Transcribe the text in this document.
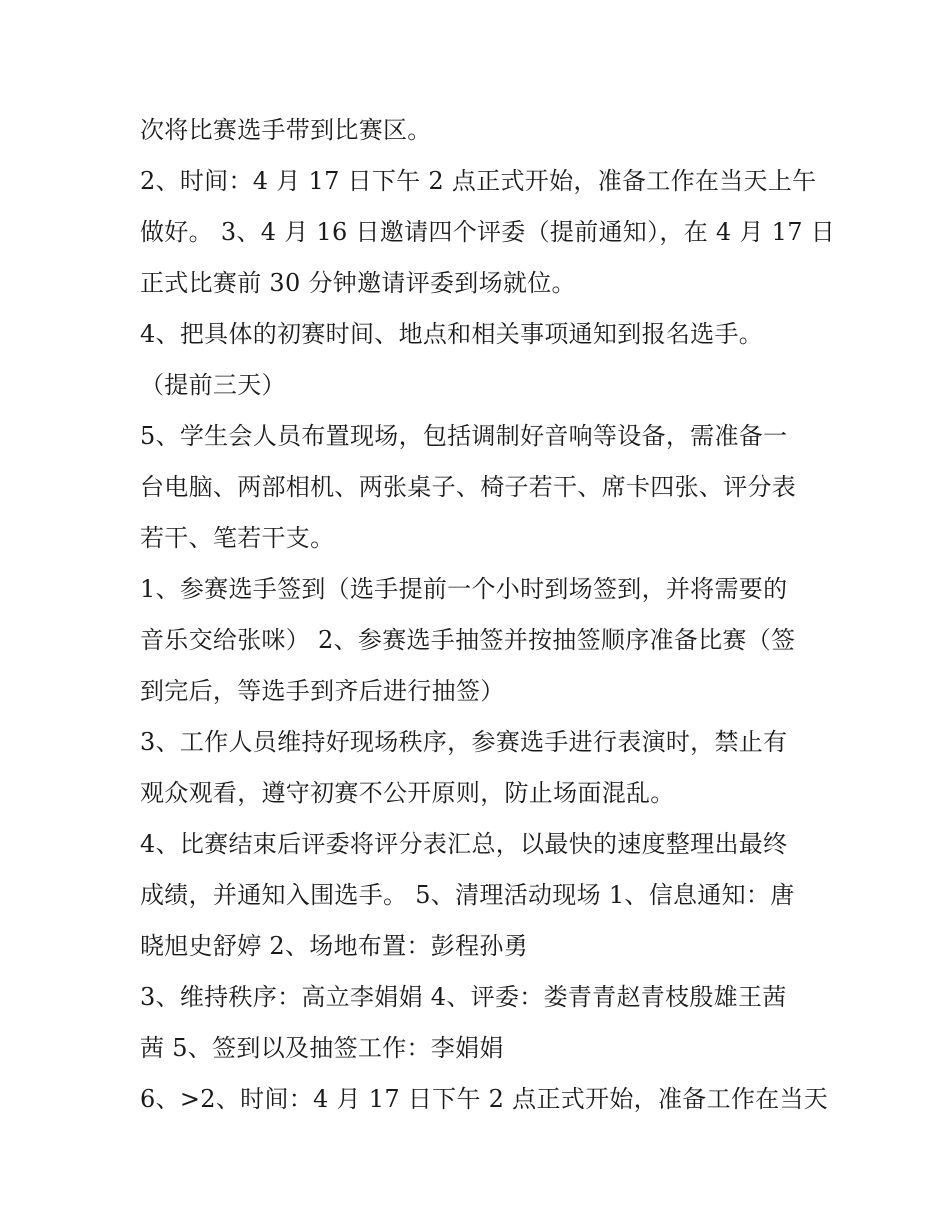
次将比赛选手带到比赛区。
2、时间：4 月 17 日下午 2 点正式开始，准备工作在当天上午
做好。 3、4 月 16 日邀请四个评委（提前通知），在 4 月 17 日
正式比赛前 30 分钟邀请评委到场就位。
4、把具体的初赛时间、地点和相关事项通知到报名选手。
（提前三天）
5、学生会人员布置现场，包括调制好音响等设备，需准备一
台电脑、两部相机、两张桌子、椅子若干、席卡四张、评分表
若干、笔若干支。
1、参赛选手签到（选手提前一个小时到场签到，并将需要的
音乐交给张咪） 2、参赛选手抽签并按抽签顺序准备比赛（签
到完后，等选手到齐后进行抽签）
3、工作人员维持好现场秩序，参赛选手进行表演时，禁止有
观众观看，遵守初赛不公开原则，防止场面混乱。
4、比赛结束后评委将评分表汇总，以最快的速度整理出最终
成绩，并通知入围选手。 5、清理活动现场 1、信息通知：唐
晓旭史舒婷 2、场地布置：彭程孙勇
3、维持秩序：高立李娟娟 4、评委：娄青青赵青枝殷雄王茜
茜 5、签到以及抽签工作：李娟娟
6、>2、时间：4 月 17 日下午 2 点正式开始，准备工作在当天
